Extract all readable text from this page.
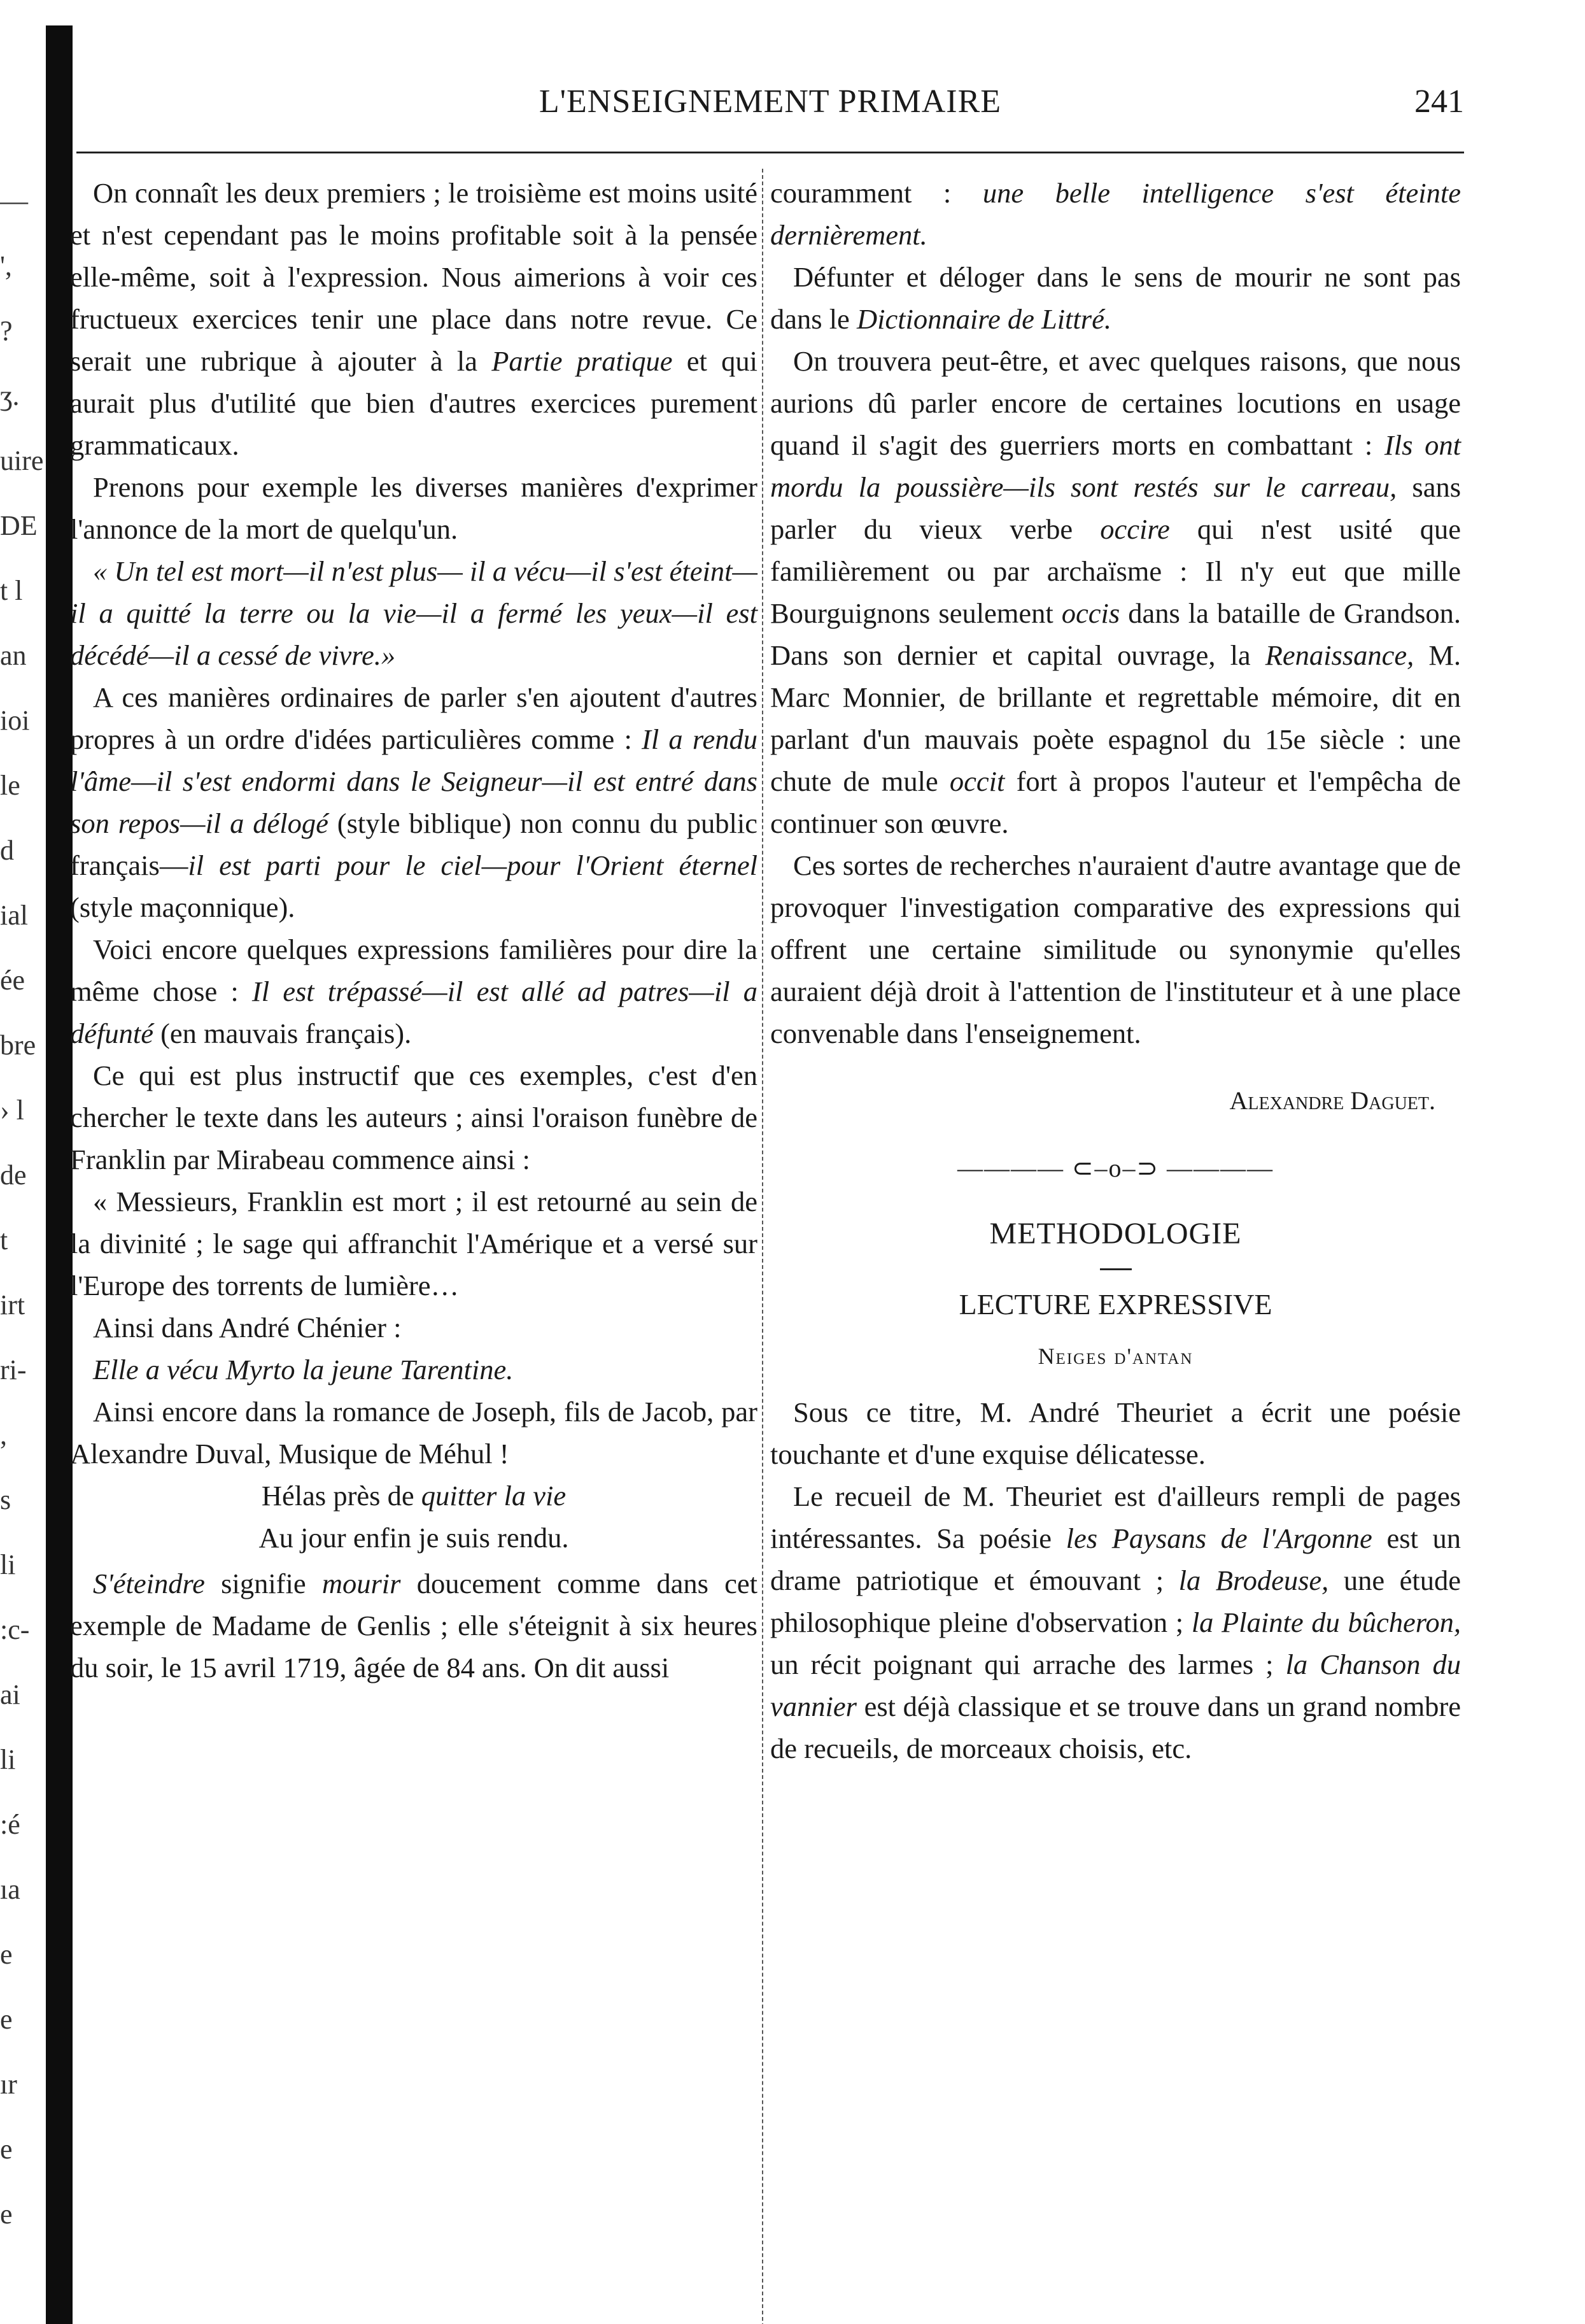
—
',
?
ʒ.
uire
DE
t l
an
ioi
le
d
ial
ée
bre
› l
de
t
irt
ri-
,
s
li
:c-
ai
li
:é
ıa
e
e
ır
e
e
L'ENSEIGNEMENT PRIMAIRE	241

On connaît les deux premiers ; le troisième est moins usité et n'est cependant pas le moins profitable soit à la pensée elle-même, soit à l'expression. Nous aimerions à voir ces fructueux exercices tenir une place dans notre revue. Ce serait une rubrique à ajouter à la Partie pratique et qui aurait plus d'utilité que bien d'autres exercices purement grammaticaux.

Prenons pour exemple les diverses manières d'exprimer l'annonce de la mort de quelqu'un.

« Un tel est mort—il n'est plus— il a vécu—il s'est éteint— il a quitté la terre ou la vie—il a fermé les yeux—il est décédé—il a cessé de vivre.»

A ces manières ordinaires de parler s'en ajoutent d'autres propres à un ordre d'idées particulières comme : Il a rendu l'âme—il s'est endormi dans le Seigneur—il est entré dans son repos—il a délogé (style biblique) non connu du public français—il est parti pour le ciel—pour l'Orient éternel (style maçonnique).

Voici encore quelques expressions familières pour dire la même chose : Il est trépassé—il est allé ad patres—il a défunté (en mauvais français).

Ce qui est plus instructif que ces exemples, c'est d'en chercher le texte dans les auteurs ; ainsi l'oraison funèbre de Franklin par Mirabeau commence ainsi :

« Messieurs, Franklin est mort ; il est retourné au sein de la divinité ; le sage qui affranchit l'Amérique et a versé sur l'Europe des torrents de lumière…

Ainsi dans André Chénier :

Elle a vécu Myrto la jeune Tarentine.

Ainsi encore dans la romance de Joseph, fils de Jacob, par Alexandre Duval, Musique de Méhul !

Hélas près de quitter la vie

Au jour enfin je suis rendu.

S'éteindre signifie mourir doucement comme dans cet exemple de Madame de Genlis ; elle s'éteignit à six heures du soir, le 15 avril 1719, âgée de 84 ans. On dit aussi

couramment : une belle intelligence s'est éteinte dernièrement.

Défunter et déloger dans le sens de mourir ne sont pas dans le Dictionnaire de Littré.

On trouvera peut-être, et avec quelques raisons, que nous aurions dû parler encore de certaines locutions en usage quand il s'agit des guerriers morts en combattant : Ils ont mordu la poussière—ils sont restés sur le carreau, sans parler du vieux verbe occire qui n'est usité que familièrement ou par archaïsme : Il n'y eut que mille Bourguignons seulement occis dans la bataille de Grandson. Dans son dernier et capital ouvrage, la Renaissance, M. Marc Monnier, de brillante et regrettable mémoire, dit en parlant d'un mauvais poète espagnol du 15e siècle : une chute de mule occit fort à propos l'auteur et l'empêcha de continuer son œuvre.

Ces sortes de recherches n'auraient d'autre avantage que de provoquer l'investigation comparative des expressions qui offrent une certaine similitude ou synonymie qu'elles auraient déjà droit à l'attention de l'instituteur et à une place convenable dans l'enseignement.

Alexandre Daguet.

———— ⊂–o–⊃ ————
METHODOLOGIE
LECTURE EXPRESSIVE
Neiges d'antan

Sous ce titre, M. André Theuriet a écrit une poésie touchante et d'une exquise délicatesse.

Le recueil de M. Theuriet est d'ailleurs rempli de pages intéressantes. Sa poésie les Paysans de l'Argonne est un drame patriotique et émouvant ; la Brodeuse, une étude philosophique pleine d'observation ; la Plainte du bûcheron, un récit poignant qui arrache des larmes ; la Chanson du vannier est déjà classique et se trouve dans un grand nombre de recueils, de morceaux choisis, etc.
